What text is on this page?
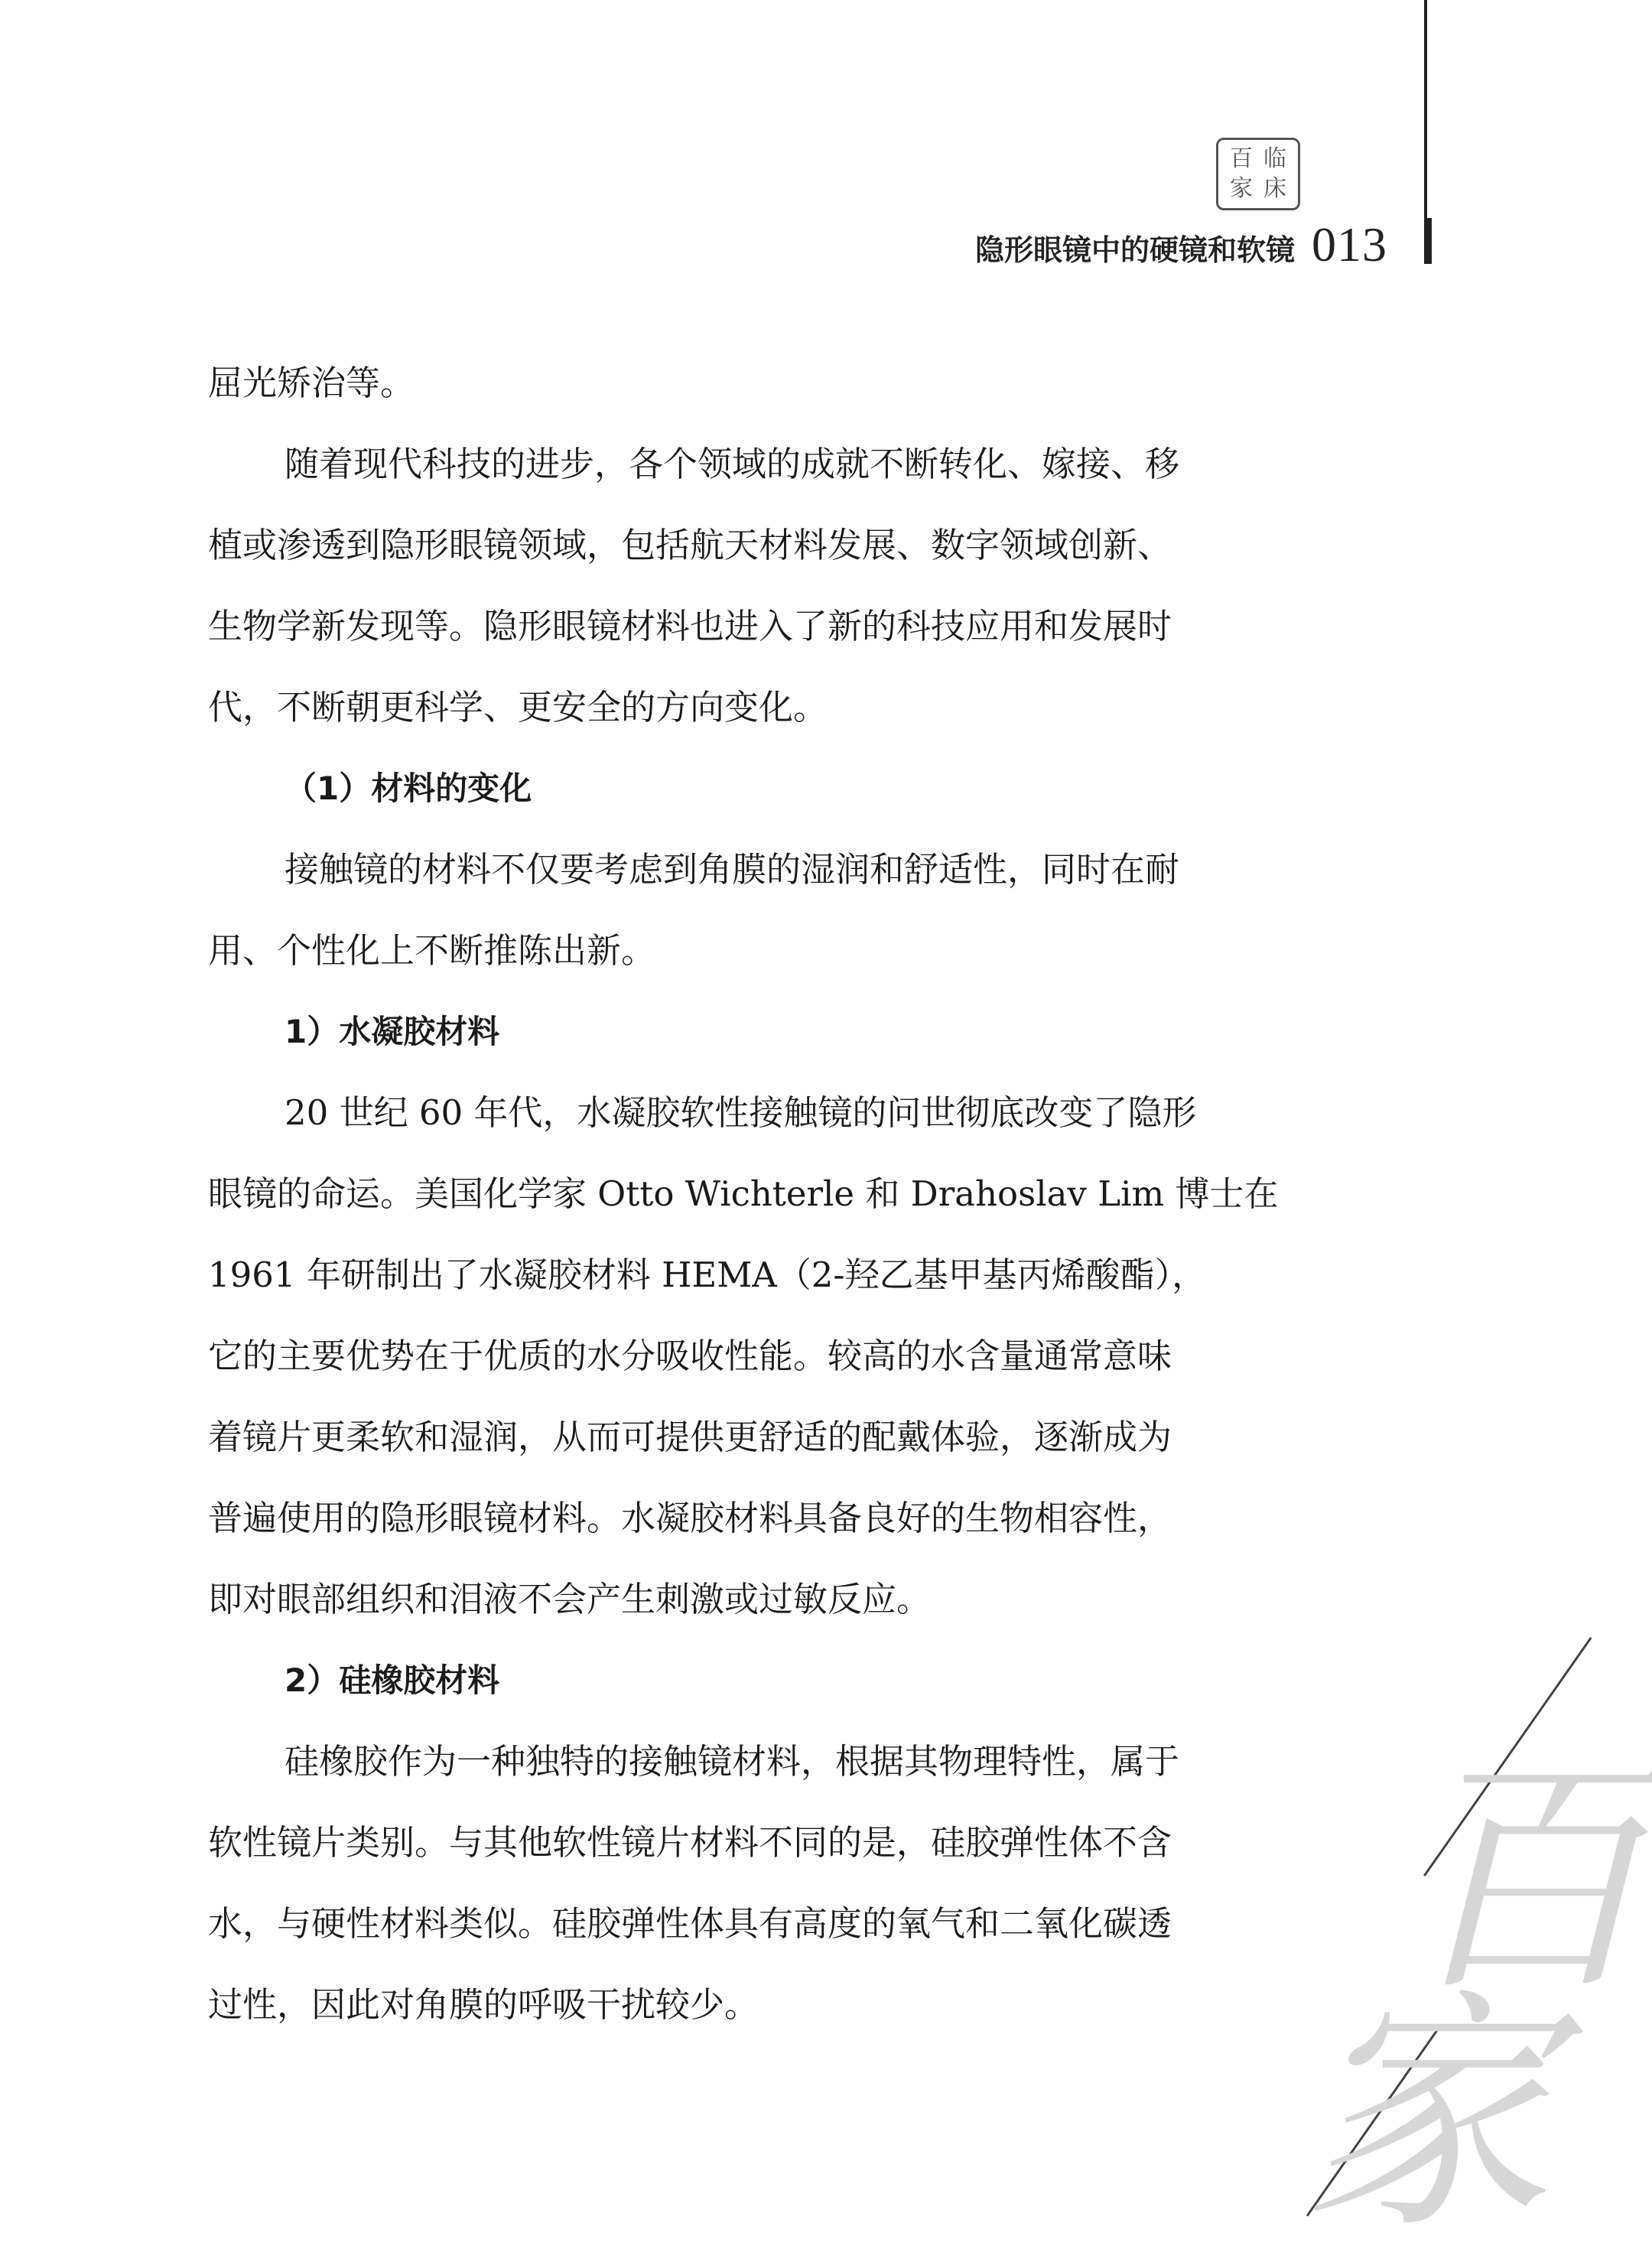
百 临
家 床
隐形眼镜中的硬镜和软镜 013

屈光矫治等。

随着现代科技的进步，各个领域的成就不断转化、嫁接、移

植或渗透到隐形眼镜领域，包括航天材料发展、数字领域创新、

生物学新发现等。隐形眼镜材料也进入了新的科技应用和发展时

代，不断朝更科学、更安全的方向变化。

（1）材料的变化

接触镜的材料不仅要考虑到角膜的湿润和舒适性，同时在耐

用、个性化上不断推陈出新。

1）水凝胶材料

20 世纪 60 年代，水凝胶软性接触镜的问世彻底改变了隐形

眼镜的命运。美国化学家 Otto Wichterle 和 Drahoslav Lim 博士在

1961 年研制出了水凝胶材料 HEMA（2-羟乙基甲基丙烯酸酯），

它的主要优势在于优质的水分吸收性能。较高的水含量通常意味

着镜片更柔软和湿润，从而可提供更舒适的配戴体验，逐渐成为

普遍使用的隐形眼镜材料。水凝胶材料具备良好的生物相容性，

即对眼部组织和泪液不会产生刺激或过敏反应。

2）硅橡胶材料

硅橡胶作为一种独特的接触镜材料，根据其物理特性，属于

软性镜片类别。与其他软性镜片材料不同的是，硅胶弹性体不含

水，与硬性材料类似。硅胶弹性体具有高度的氧气和二氧化碳透

过性，因此对角膜的呼吸干扰较少。	百
家
